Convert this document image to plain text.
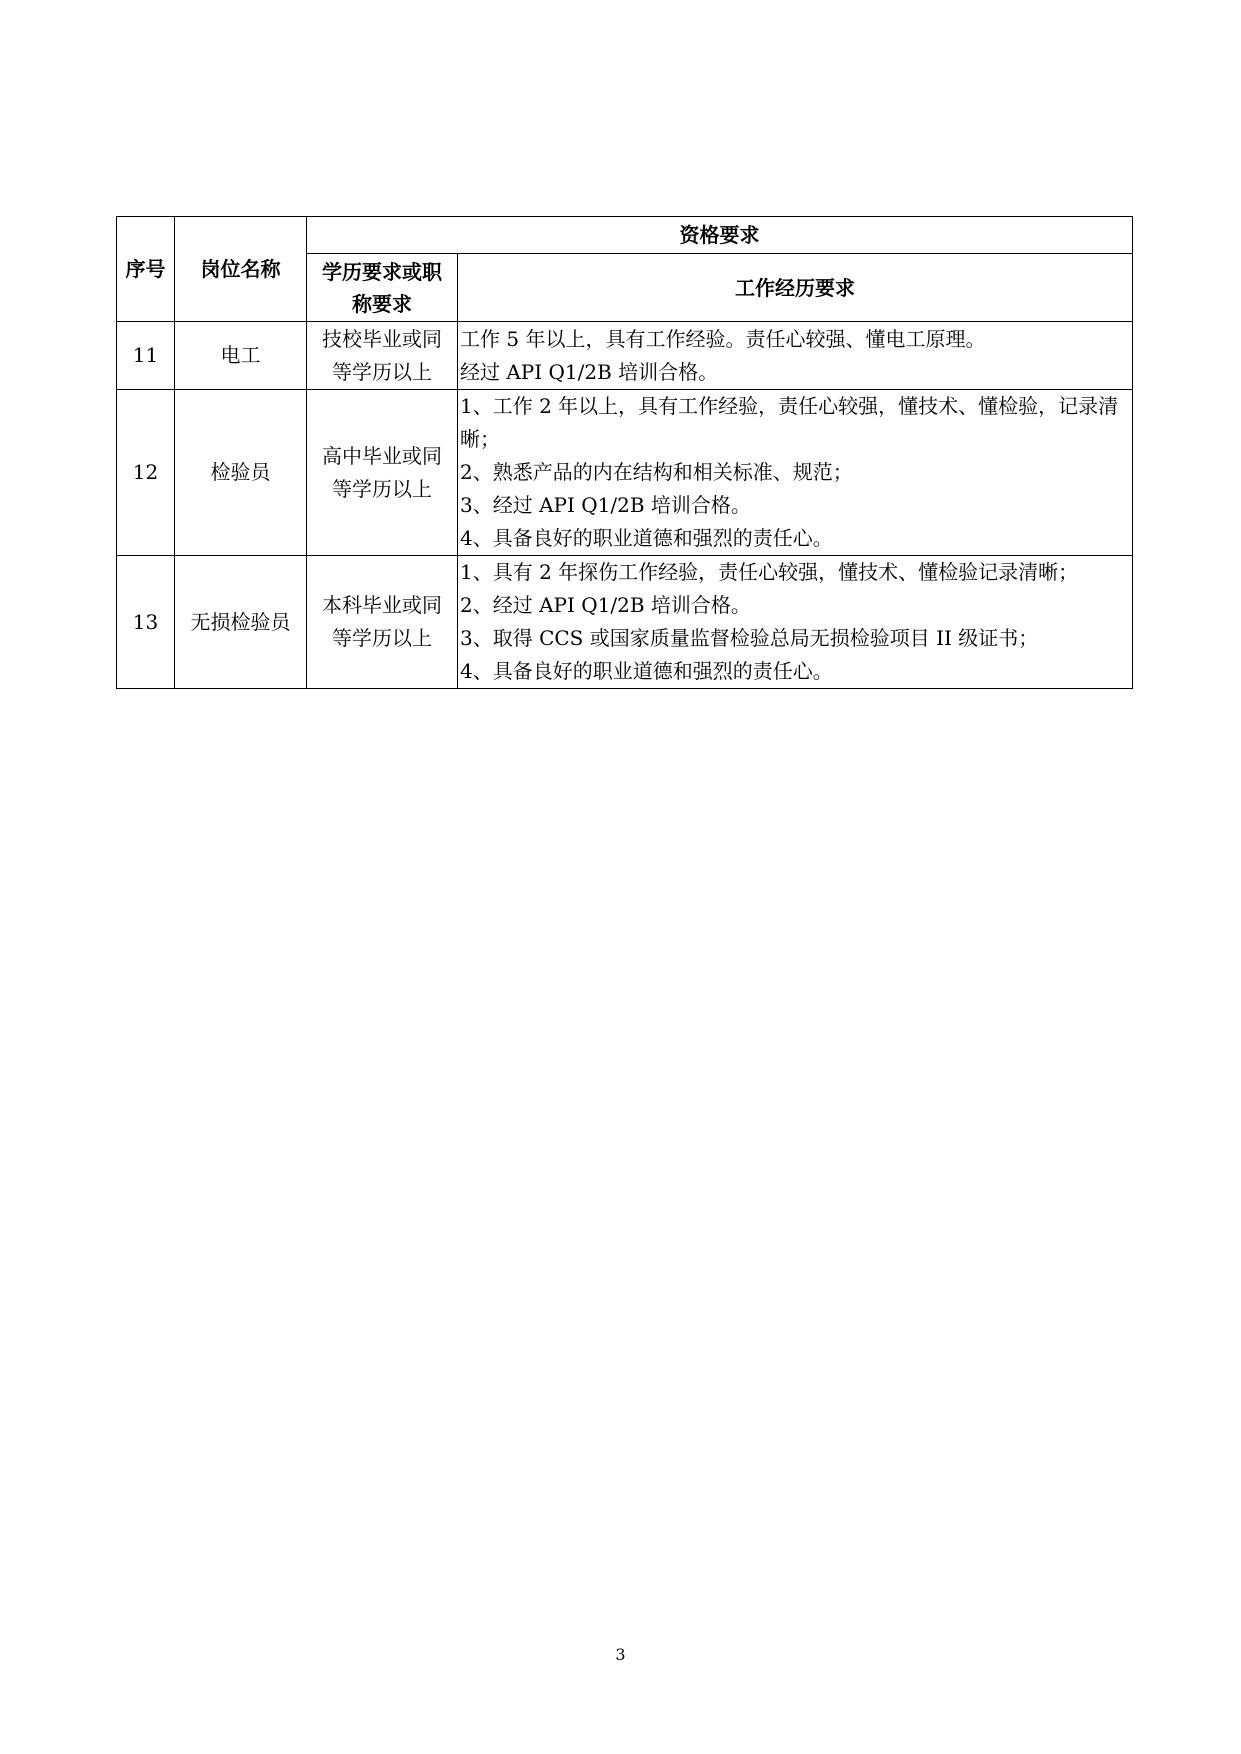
序号	岗位名称	资格要求	

		学历要求或职
称要求	工作经历要求
11	电工	技校毕业或同
等学历以上	工作 5 年以上，具有工作经验。责任心较强、懂电工原理。
经过 API Q1/2B 培训合格。

12	检验员	高中毕业或同
等学历以上	1、工作 2 年以上，具有工作经验，责任心较强，懂技术、懂检验，记录清晰；
2、熟悉产品的内在结构和相关标准、规范；
3、经过 API Q1/2B 培训合格。
4、具备良好的职业道德和强烈的责任心。

13	无损检验员	本科毕业或同
等学历以上	1、具有 2 年探伤工作经验，责任心较强，懂技术、懂检验记录清晰；
2、经过 API Q1/2B 培训合格。
3、取得 CCS 或国家质量监督检验总局无损检验项目 II 级证书；
4、具备良好的职业道德和强烈的责任心。
3
